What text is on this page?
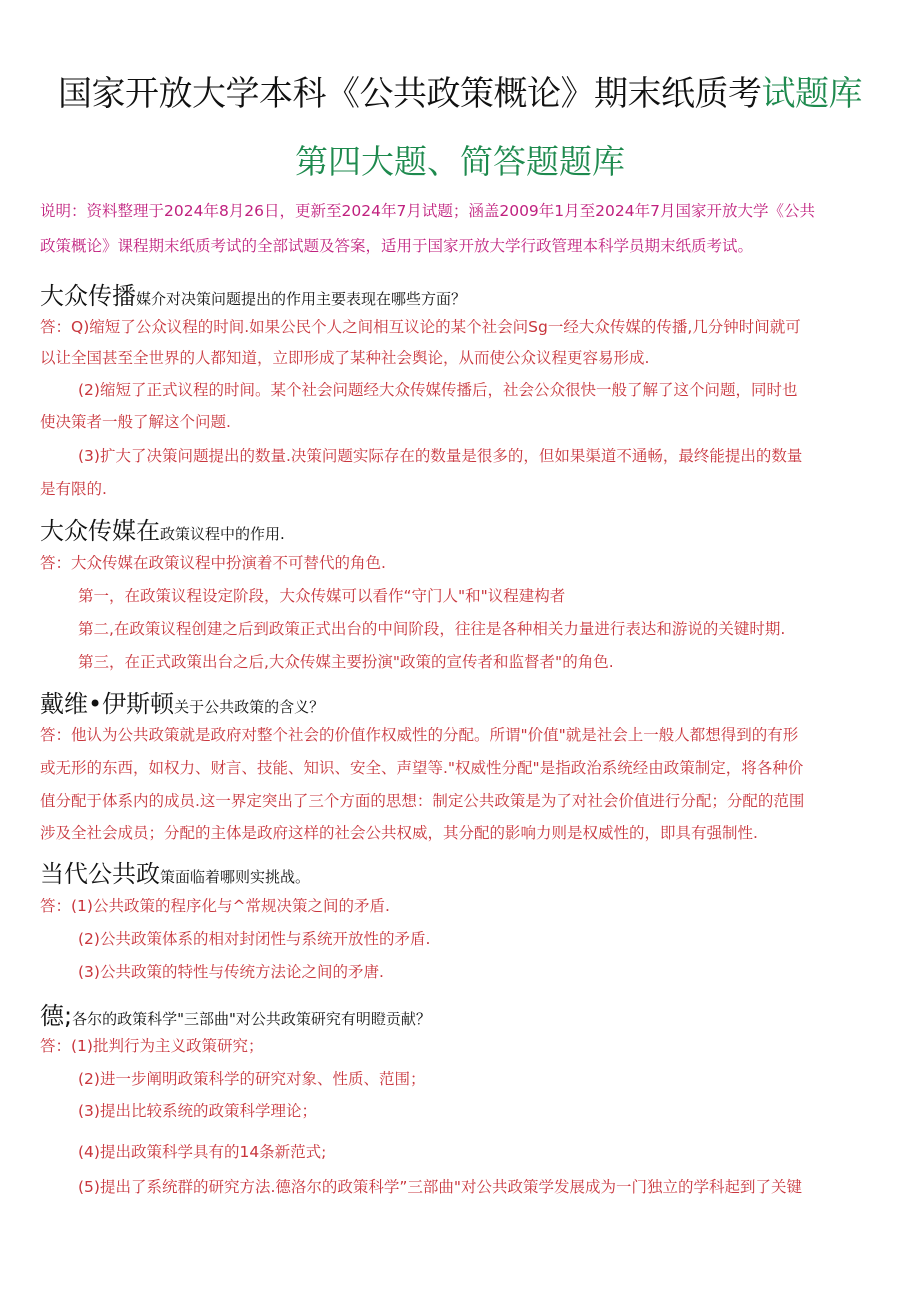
国家开放大学本科《公共政策概论》期末纸质考试题库
第四大题、简答题题库
说明：资料整理于2024年8月26日，更新至2024年7月试题；涵盖2009年1月至2024年7月国家开放大学《公共
政策概论》课程期末纸质考试的全部试题及答案，适用于国家开放大学行政管理本科学员期末纸质考试。
大众传播媒介对决策问题提出的作用主要表现在哪些方面？
答：Q)缩短了公众议程的时间.如果公民个人之间相互议论的某个社会问Sg一经大众传媒的传播,几分钟时间就可
以让全国甚至全世界的人都知道，立即形成了某种社会舆论，从而使公众议程更容易形成.
(2)缩短了正式议程的时间。某个社会问题经大众传媒传播后，社会公众很快一般了解了这个问题，同时也
使决策者一般了解这个问题.
(3)扩大了决策问题提出的数量.决策问题实际存在的数量是很多的，但如果渠道不通畅，最终能提出的数量
是有限的.
大众传媒在政策议程中的作用.
答：大众传媒在政策议程中扮演着不可替代的角色.
第一，在政策议程设定阶段，大众传媒可以看作“守门人"和"议程建构者
第二,在政策议程创建之后到政策正式出台的中间阶段，往往是各种相关力量进行表达和游说的关键时期.
第三，在正式政策出台之后,大众传媒主要扮演"政策的宣传者和监督者"的角色.
戴维•伊斯顿关于公共政策的含义？
答：他认为公共政策就是政府对整个社会的价值作权威性的分配。所谓"价值"就是社会上一般人都想得到的有形
或无形的东西，如权力、财言、技能、知识、安全、声望等."权威性分配"是指政治系统经由政策制定，将各种价
值分配于体系内的成员.这一界定突出了三个方面的思想：制定公共政策是为了对社会价值进行分配；分配的范围
涉及全社会成员；分配的主体是政府这样的社会公共权威，其分配的影响力则是权威性的，即具有强制性.
当代公共政策面临着哪则实挑战。
答：(1)公共政策的程序化与^常规决策之间的矛盾.
(2)公共政策体系的相对封闭性与系统开放性的矛盾.
(3)公共政策的特性与传统方法论之间的矛唐.
德;各尔的政策科学"三部曲"对公共政策研究有明瞪贡献？
答：(1)批判行为主义政策研究；
(2)进一步阐明政策科学的研究对象、性质、范围；
(3)提出比较系统的政策科学理论；
(4)提出政策科学具有的14条新范式;
(5)提出了系统群的研究方法.德洛尔的政策科学”三部曲"对公共政策学发展成为一门独立的学科起到了关键
